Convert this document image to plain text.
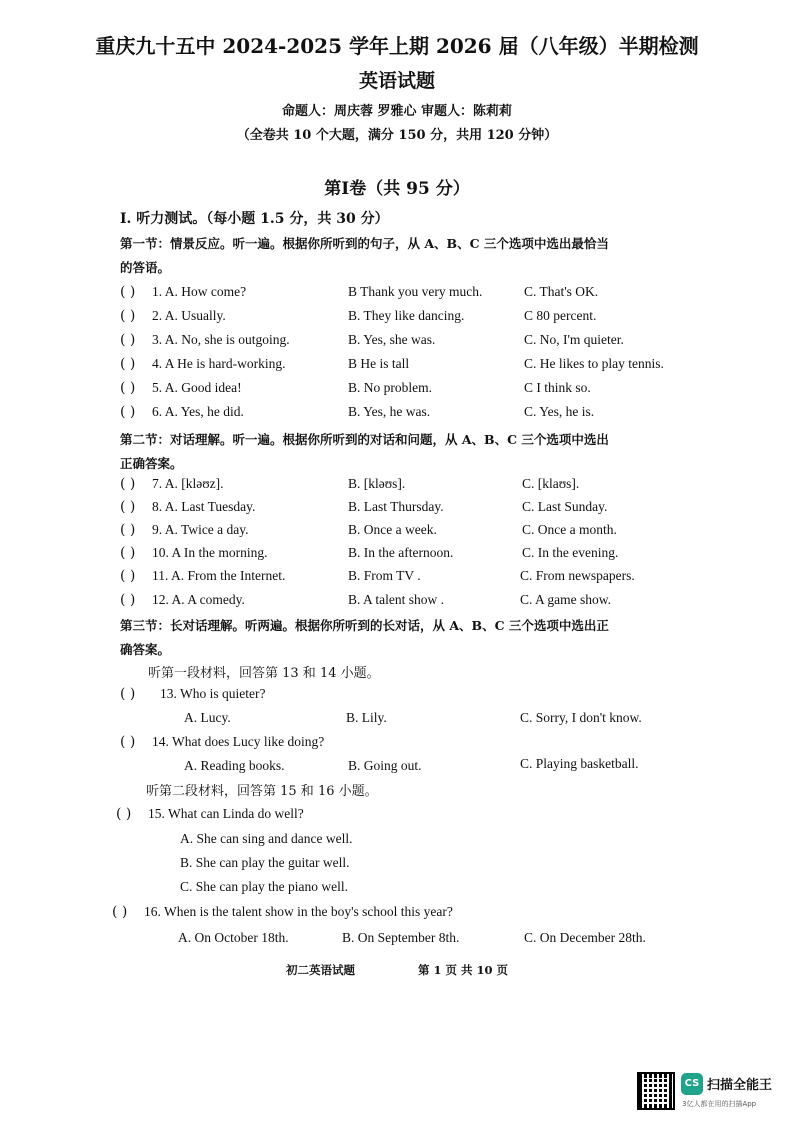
重庆九十五中 2024-2025 学年上期 2026 届（八年级）半期检测
英语试题
命题人：周庆蓉 罗雅心 审题人：陈莉莉
（全卷共 10 个大题，满分 150 分，共用 120 分钟）
第Ⅰ卷（共 95 分）
I. 听力测试。（每小题 1.5 分，共 30 分）
第一节：情景反应。听一遍。根据你所听到的句子，从 A、B、C 三个选项中选出最恰当
的答语。
( ) 1. A. How come?	B Thank you very much.	C. That's OK.
( ) 2. A. Usually.	B. They like dancing.	C 80 percent.
( ) 3. A. No, she is outgoing.	B. Yes, she was.	C. No, I'm quieter.
( ) 4. A He is hard-working.	B He is tall	C. He likes to play tennis.
( ) 5. A. Good idea!	B. No problem.	C I think so.
( ) 6. A. Yes, he did.	B. Yes, he was.	C. Yes, he is.
第二节：对话理解。听一遍。根据你所听到的对话和问题，从 A、B、C 三个选项中选出
正确答案。
( ) 7. A. [kləʊz].	B. [kləʊs].	C. [klaʊs].
( ) 8. A. Last Tuesday.	B. Last Thursday.	C. Last Sunday.
( ) 9. A. Twice a day.	B. Once a week.	C. Once a month.
( ) 10. A In the morning.	B. In the afternoon.	C. In the evening.
( ) 11. A. From the Internet.	B. From TV .	C. From newspapers.
( ) 12. A. A comedy.	B. A talent show .	C. A game show.
第三节：长对话理解。听两遍。根据你所听到的长对话，从 A、B、C 三个选项中选出正
确答案。
听第一段材料，回答第 13 和 14 小题。
( ) 13. Who is quieter?
A. Lucy.	B. Lily.	C. Sorry, I don't know.
( ) 14. What does Lucy like doing?
A. Reading books.	B. Going out.	C. Playing basketball.
听第二段材料，回答第 15 和 16 小题。
( ) 15. What can Linda do well?
A. She can sing and dance well.
B. She can play the guitar well.
C. She can play the piano well.
( ) 16. When is the talent show in the boy's school this year?
A. On October 18th.	B. On September 8th.	C. On December 28th.
初二英语试题	第 1 页 共 10 页
CS 扫描全能王
3亿人都在用的扫描App
